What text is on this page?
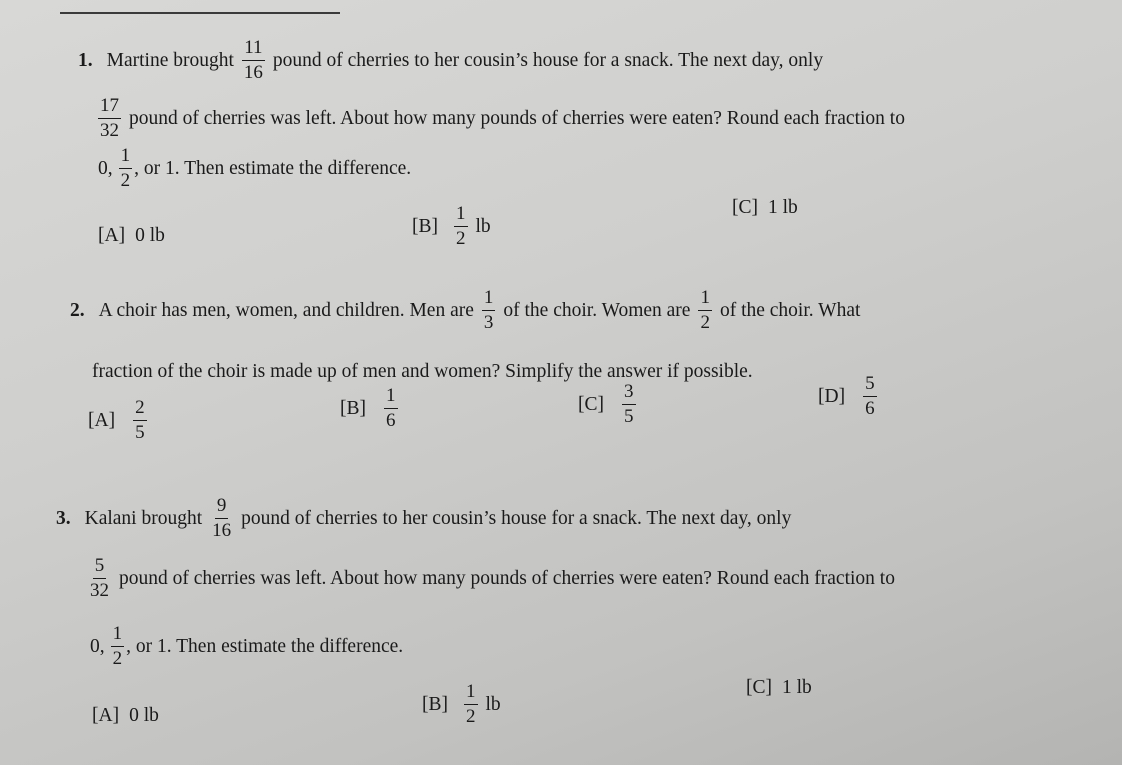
1. Martine brought $\frac{11}{16}$ pound of cherries to her cousin’s house for a snack. The next day, only
$\frac{17}{32}$ pound of cherries was left. About how many pounds of cherries were eaten? Round each fraction to
0, $\frac{1}{2}$ , or 1. Then estimate the difference.
[A] 0 lb	$[B] \frac{1}{2}$ lb
[C] 1 lb
2. A choir has men, women, and children. Men are $\frac{1}{3}$ of the choir. Women are $\frac{1}{2}$ of the choir. What
fraction of the choir is made up of men and women? Simplify the answer if possible.
$[A] \frac{2}{5}$	$[B] \frac{1}{6}$	$[C] \frac{3}{5}$	$[D] \frac{5}{6}$
3. Kalani brought $\frac{9}{16}$ pound of cherries to her cousin’s house for a snack. The next day, only
$\frac{5}{32}$ pound of cherries was left. About how many pounds of cherries were eaten? Round each fraction to
0, $\frac{1}{2}$ , or 1. Then estimate the difference.
[A] 0 lb
$[B] \frac{1}{2}$ lb
[C] 1 lb
